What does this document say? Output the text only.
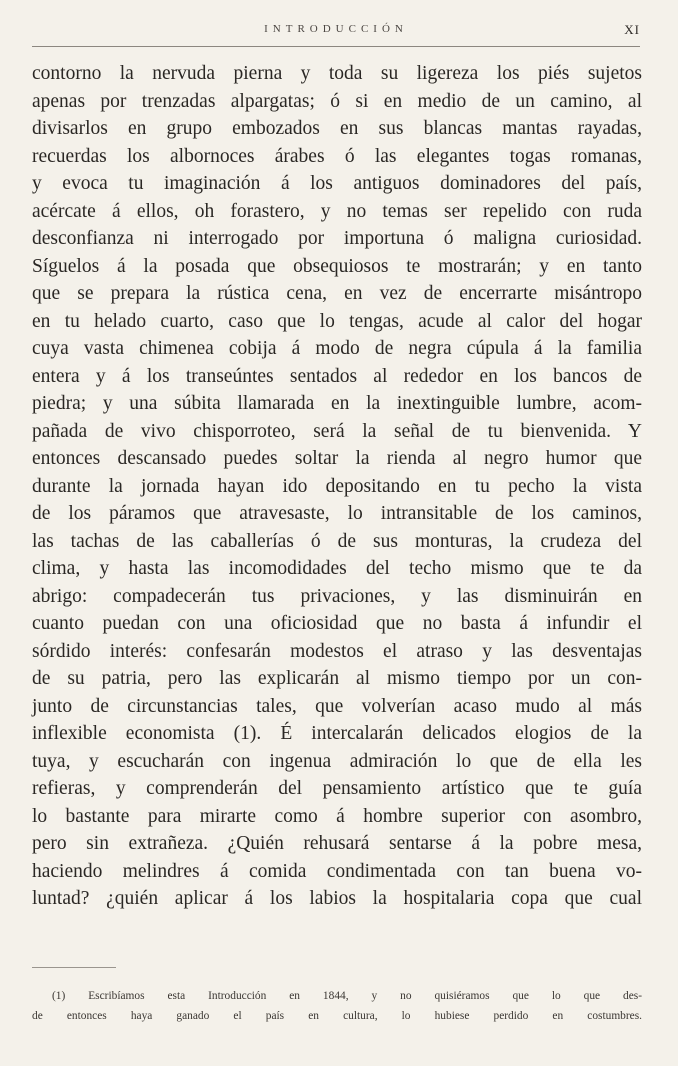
INTRODUCCIÓN	XI
contorno la nervuda pierna y toda su ligereza los piés sujetos
apenas por trenzadas alpargatas; ó si en medio de un camino, al
divisarlos en grupo embozados en sus blancas mantas rayadas,
recuerdas los albornoces árabes ó las elegantes togas romanas,
y evoca tu imaginación á los antiguos dominadores del país,
acércate á ellos, oh forastero, y no temas ser repelido con ruda
desconfianza ni interrogado por importuna ó maligna curiosidad.
Síguelos á la posada que obsequiosos te mostrarán; y en tanto
que se prepara la rústica cena, en vez de encerrarte misántropo
en tu helado cuarto, caso que lo tengas, acude al calor del hogar
cuya vasta chimenea cobija á modo de negra cúpula á la familia
entera y á los transeúntes sentados al rededor en los bancos de
piedra; y una súbita llamarada en la inextinguible lumbre, acom-
pañada de vivo chisporroteo, será la señal de tu bienvenida. Y
entonces descansado puedes soltar la rienda al negro humor que
durante la jornada hayan ido depositando en tu pecho la vista
de los páramos que atravesaste, lo intransitable de los caminos,
las tachas de las caballerías ó de sus monturas, la crudeza del
clima, y hasta las incomodidades del techo mismo que te da
abrigo: compadecerán tus privaciones, y las disminuirán en
cuanto puedan con una oficiosidad que no basta á infundir el
sórdido interés: confesarán modestos el atraso y las desventajas
de su patria, pero las explicarán al mismo tiempo por un con-
junto de circunstancias tales, que volverían acaso mudo al más
inflexible economista (1). É intercalarán delicados elogios de la
tuya, y escucharán con ingenua admiración lo que de ella les
refieras, y comprenderán del pensamiento artístico que te guía
lo bastante para mirarte como á hombre superior con asombro,
pero sin extrañeza. ¿Quién rehusará sentarse á la pobre mesa,
haciendo melindres á comida condimentada con tan buena vo-
luntad? ¿quién aplicar á los labios la hospitalaria copa que cual
(1) Escribíamos esta Introducción en 1844, y no quisiéramos que lo que des-
de entonces haya ganado el país en cultura, lo hubiese perdido en costumbres.
